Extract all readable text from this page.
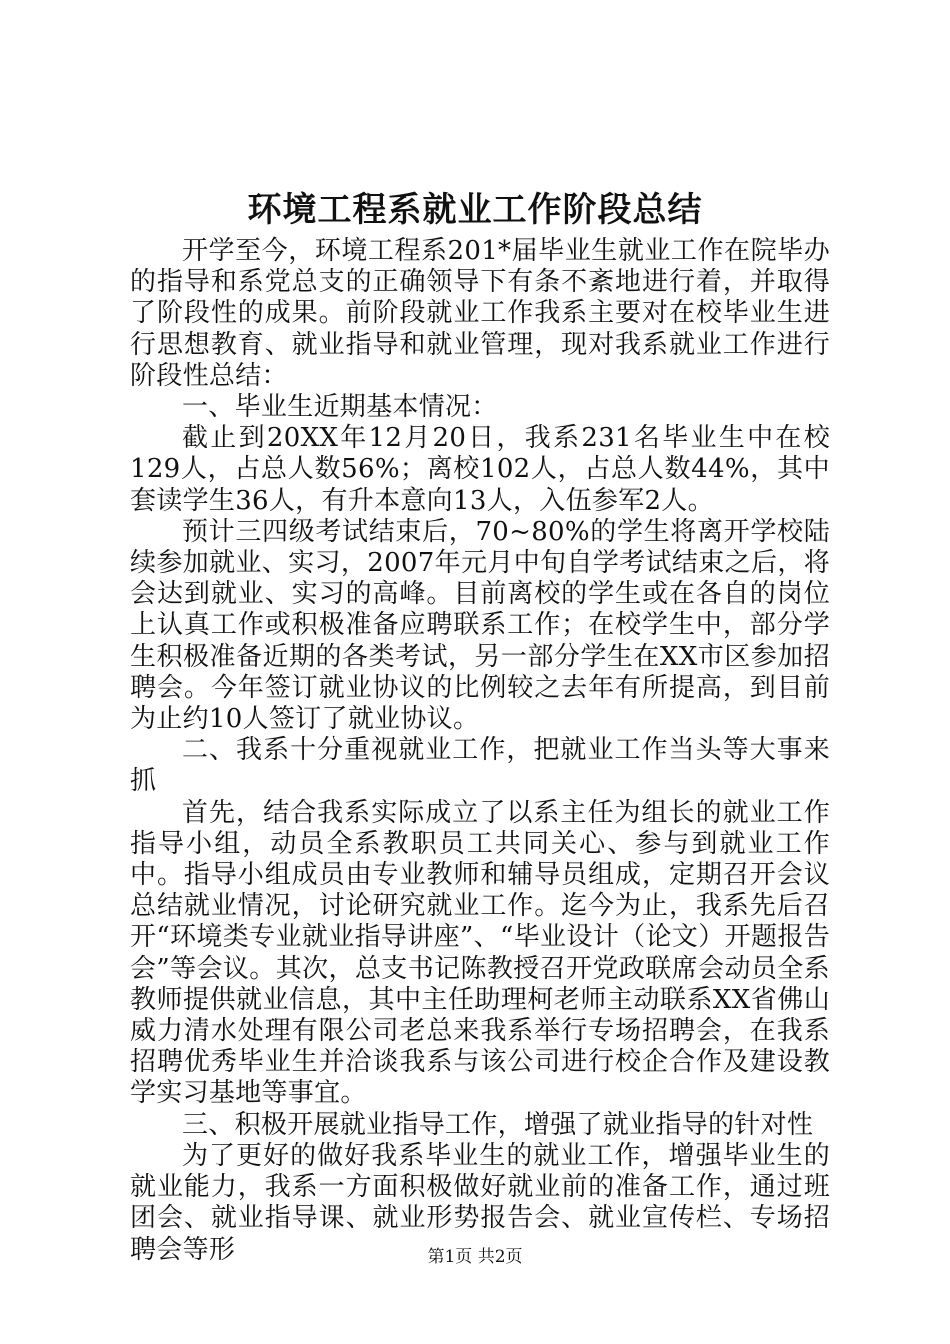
环境工程系就业工作阶段总结

开学至今，环境工程系201*届毕业生就业工作在院毕办的指导和系党总支的正确领导下有条不紊地进行着，并取得了阶段性的成果。前阶段就业工作我系主要对在校毕业生进行思想教育、就业指导和就业管理，现对我系就业工作进行阶段性总结：

一、毕业生近期基本情况：

截止到20XX年12月20日，我系231名毕业生中在校129人，占总人数56%；离校102人，占总人数44%，其中套读学生36人，有升本意向13人，入伍参军2人。

预计三四级考试结束后，70~80%的学生将离开学校陆续参加就业、实习，2007年元月中旬自学考试结束之后，将会达到就业、实习的高峰。目前离校的学生或在各自的岗位上认真工作或积极准备应聘联系工作；在校学生中，部分学生积极准备近期的各类考试，另一部分学生在XX市区参加招聘会。今年签订就业协议的比例较之去年有所提高，到目前为止约10人签订了就业协议。

二、我系十分重视就业工作，把就业工作当头等大事来抓

首先，结合我系实际成立了以系主任为组长的就业工作指导小组，动员全系教职员工共同关心、参与到就业工作中。指导小组成员由专业教师和辅导员组成，定期召开会议总结就业情况，讨论研究就业工作。迄今为止，我系先后召开“环境类专业就业指导讲座”、“毕业设计（论文）开题报告会”等会议。其次，总支书记陈教授召开党政联席会动员全系教师提供就业信息，其中主任助理柯老师主动联系XX省佛山威力清水处理有限公司老总来我系举行专场招聘会，在我系招聘优秀毕业生并洽谈我系与该公司进行校企合作及建设教学实习基地等事宜。

三、积极开展就业指导工作，增强了就业指导的针对性

为了更好的做好我系毕业生的就业工作，增强毕业生的就业能力，我系一方面积极做好就业前的准备工作，通过班团会、就业指导课、就业形势报告会、就业宣传栏、专场招聘会等形	第1页 共2页
